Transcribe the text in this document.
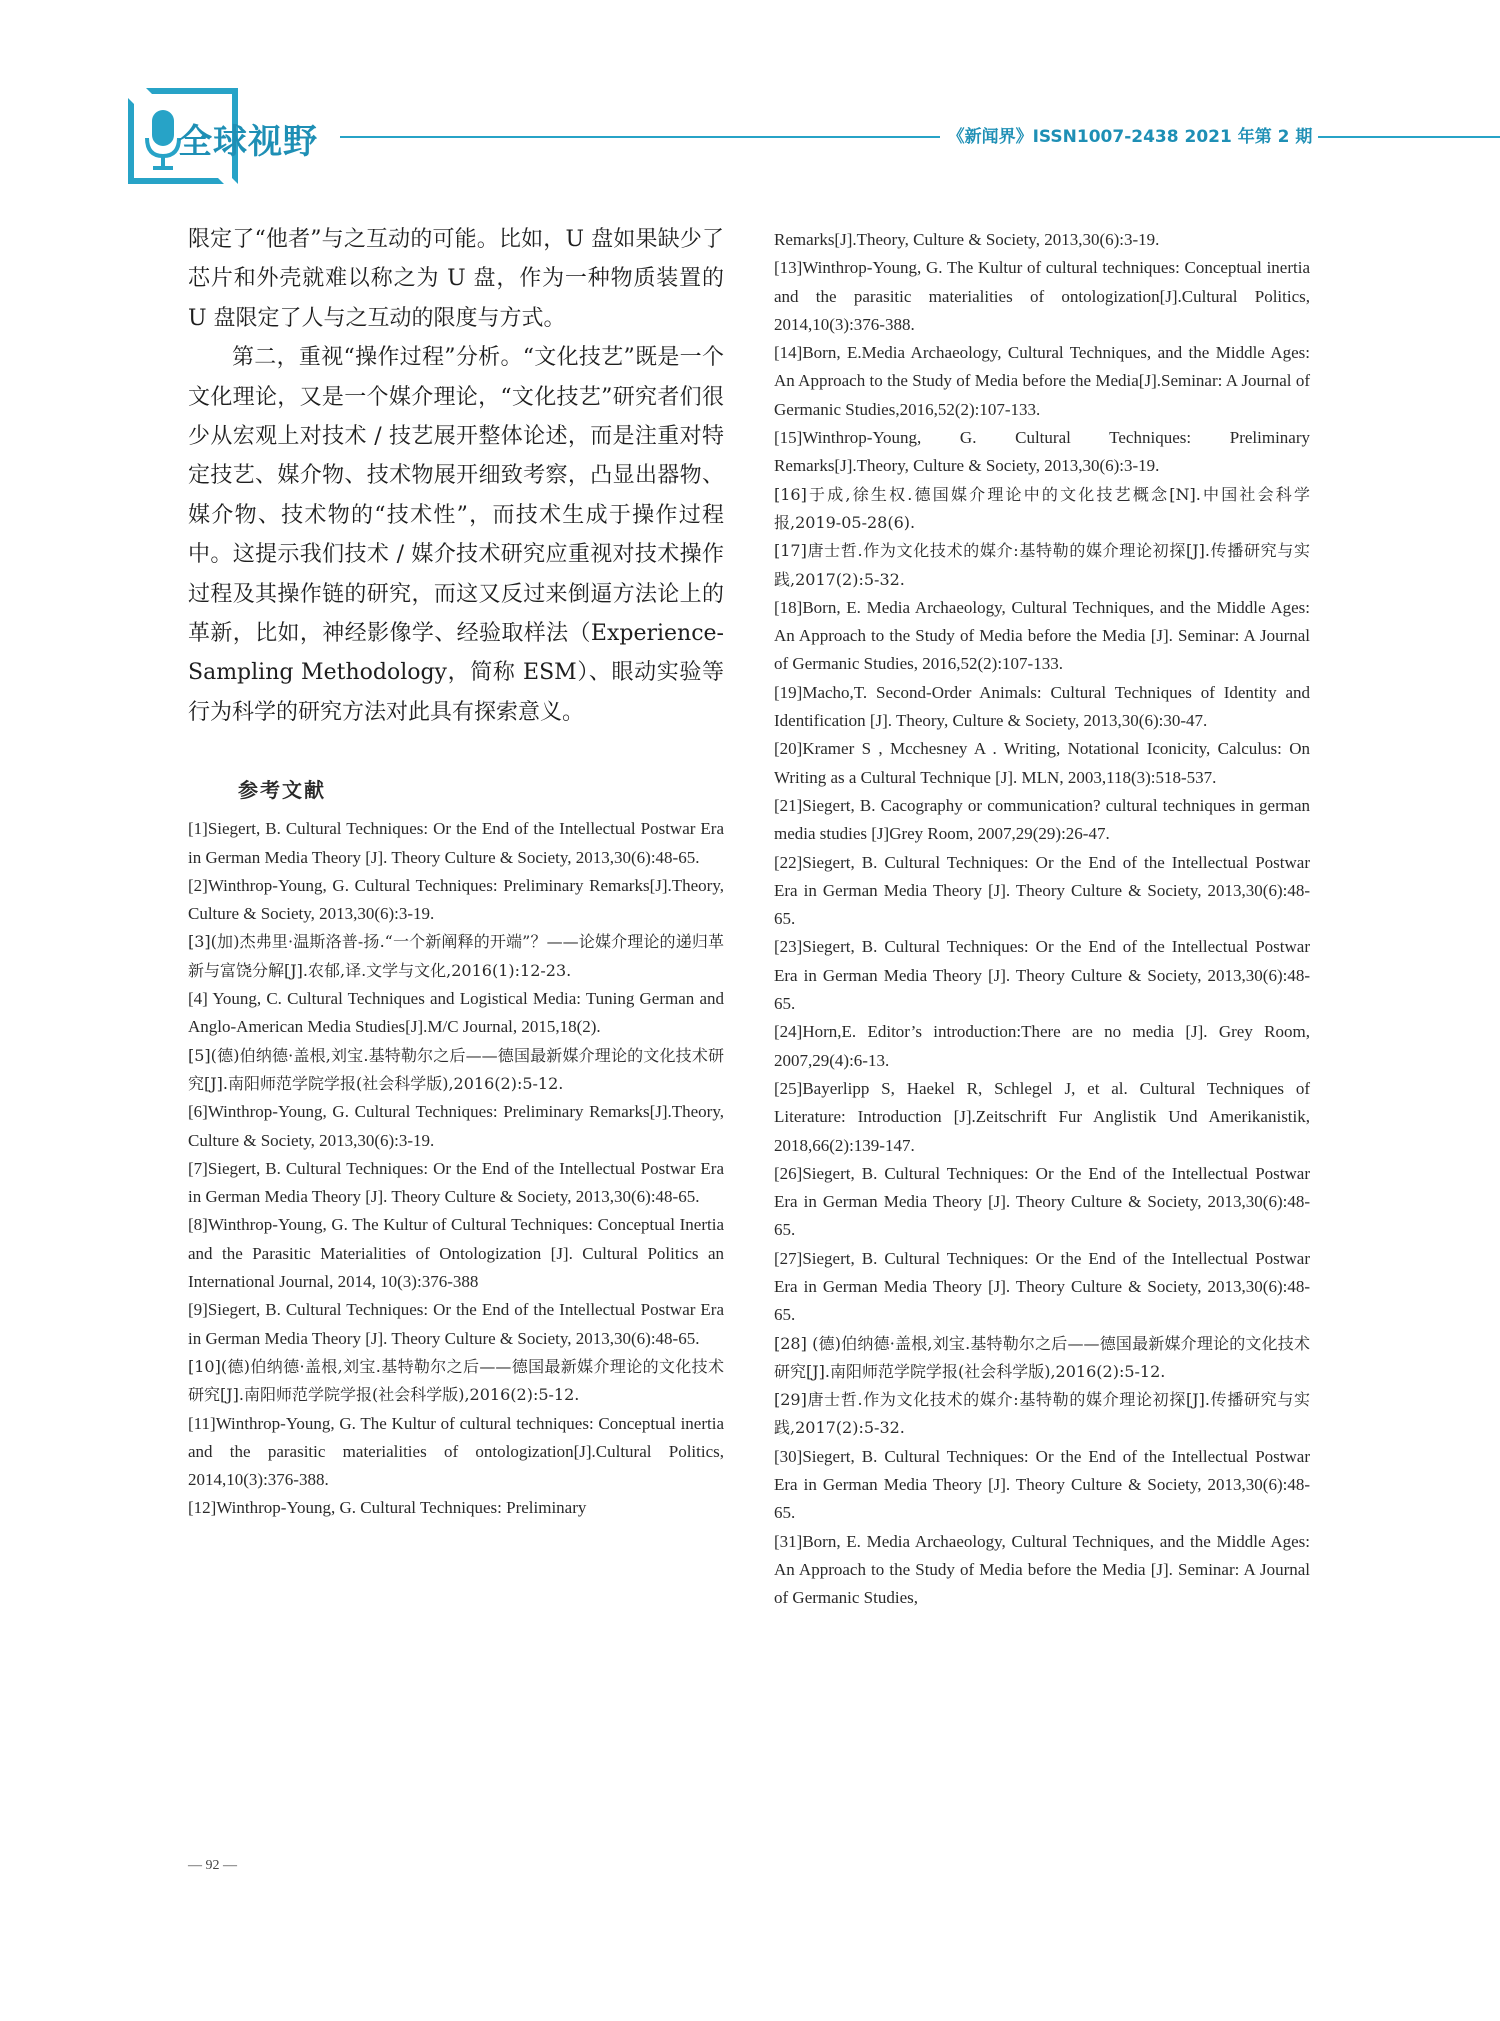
全球视野	《新闻界》ISSN1007-2438 2021 年第 2 期

限定了“他者”与之互动的可能。比如，U 盘如果缺少了芯片和外壳就难以称之为 U 盘，作为一种物质装置的 U 盘限定了人与之互动的限度与方式。

第二，重视“操作过程”分析。“文化技艺”既是一个文化理论，又是一个媒介理论，“文化技艺”研究者们很少从宏观上对技术 / 技艺展开整体论述，而是注重对特定技艺、媒介物、技术物展开细致考察，凸显出器物、媒介物、技术物的“技术性”，而技术生成于操作过程中。这提示我们技术 / 媒介技术研究应重视对技术操作过程及其操作链的研究，而这又反过来倒逼方法论上的革新，比如，神经影像学、经验取样法（Experience-Sampling Methodology，简称 ESM）、眼动实验等行为科学的研究方法对此具有探索意义。

参考文献

[1]Siegert, B. Cultural Techniques: Or the End of the Intellectual Postwar Era in German Media Theory [J]. Theory Culture & Society, 2013,30(6):48-65.

[2]Winthrop-Young, G. Cultural Techniques: Preliminary Remarks[J].Theory, Culture & Society, 2013,30(6):3-19.

[3](加)杰弗里·温斯洛普-扬.“一个新阐释的开端”？——论媒介理论的递归革新与富饶分解[J].农郁,译.文学与文化,2016(1):12-23.

[4] Young, C. Cultural Techniques and Logistical Media: Tuning German and Anglo-American Media Studies[J].M/C Journal, 2015,18(2).

[5](德)伯纳德·盖根,刘宝.基特勒尔之后——德国最新媒介理论的文化技术研究[J].南阳师范学院学报(社会科学版),2016(2):5-12.

[6]Winthrop-Young, G. Cultural Techniques: Preliminary Remarks[J].Theory, Culture & Society, 2013,30(6):3-19.

[7]Siegert, B. Cultural Techniques: Or the End of the Intellectual Postwar Era in German Media Theory [J]. Theory Culture & Society, 2013,30(6):48-65.

[8]Winthrop-Young, G. The Kultur of Cultural Techniques: Conceptual Inertia and the Parasitic Materialities of Ontologization [J]. Cultural Politics an International Journal, 2014, 10(3):376-388

[9]Siegert, B. Cultural Techniques: Or the End of the Intellectual Postwar Era in German Media Theory [J]. Theory Culture & Society, 2013,30(6):48-65.

[10](德)伯纳德·盖根,刘宝.基特勒尔之后——德国最新媒介理论的文化技术研究[J].南阳师范学院学报(社会科学版),2016(2):5-12.

[11]Winthrop-Young, G. The Kultur of cultural techniques: Conceptual inertia and the parasitic materialities of ontologization[J].Cultural Politics, 2014,10(3):376-388.

[12]Winthrop-Young, G. Cultural Techniques: Preliminary

Remarks[J].Theory, Culture & Society, 2013,30(6):3-19.

[13]Winthrop-Young, G. The Kultur of cultural techniques: Conceptual inertia and the parasitic materialities of ontologization[J].Cultural Politics, 2014,10(3):376-388.

[14]Born, E.Media Archaeology, Cultural Techniques, and the Middle Ages: An Approach to the Study of Media before the Media[J].Seminar: A Journal of Germanic Studies,2016,52(2):107-133.

[15]Winthrop-Young, G. Cultural Techniques: Preliminary Remarks[J].Theory, Culture & Society, 2013,30(6):3-19.

[16]于成,徐生权.德国媒介理论中的文化技艺概念[N].中国社会科学报,2019-05-28(6).

[17]唐士哲.作为文化技术的媒介:基特勒的媒介理论初探[J].传播研究与实践,2017(2):5-32.

[18]Born, E. Media Archaeology, Cultural Techniques, and the Middle Ages: An Approach to the Study of Media before the Media [J]. Seminar: A Journal of Germanic Studies, 2016,52(2):107-133.

[19]Macho,T. Second-Order Animals: Cultural Techniques of Identity and Identification [J]. Theory, Culture & Society, 2013,30(6):30-47.

[20]Kramer S , Mcchesney A . Writing, Notational Iconicity, Calculus: On Writing as a Cultural Technique [J]. MLN, 2003,118(3):518-537.

[21]Siegert, B. Cacography or communication? cultural techniques in german media studies [J]Grey Room, 2007,29(29):26-47.

[22]Siegert, B. Cultural Techniques: Or the End of the Intellectual Postwar Era in German Media Theory [J]. Theory Culture & Society, 2013,30(6):48-65.

[23]Siegert, B. Cultural Techniques: Or the End of the Intellectual Postwar Era in German Media Theory [J]. Theory Culture & Society, 2013,30(6):48-65.

[24]Horn,E. Editor’s introduction:There are no media [J]. Grey Room, 2007,29(4):6-13.

[25]Bayerlipp S, Haekel R, Schlegel J, et al. Cultural Techniques of Literature: Introduction [J].Zeitschrift Fur Anglistik Und Amerikanistik, 2018,66(2):139-147.

[26]Siegert, B. Cultural Techniques: Or the End of the Intellectual Postwar Era in German Media Theory [J]. Theory Culture & Society, 2013,30(6):48-65.

[27]Siegert, B. Cultural Techniques: Or the End of the Intellectual Postwar Era in German Media Theory [J]. Theory Culture & Society, 2013,30(6):48-65.

[28] (德)伯纳德·盖根,刘宝.基特勒尔之后——德国最新媒介理论的文化技术研究[J].南阳师范学院学报(社会科学版),2016(2):5-12.

[29]唐士哲.作为文化技术的媒介:基特勒的媒介理论初探[J].传播研究与实践,2017(2):5-32.

[30]Siegert, B. Cultural Techniques: Or the End of the Intellectual Postwar Era in German Media Theory [J]. Theory Culture & Society, 2013,30(6):48-65.

[31]Born, E. Media Archaeology, Cultural Techniques, and the Middle Ages: An Approach to the Study of Media before the Media [J]. Seminar: A Journal of Germanic Studies,

— 92 —
